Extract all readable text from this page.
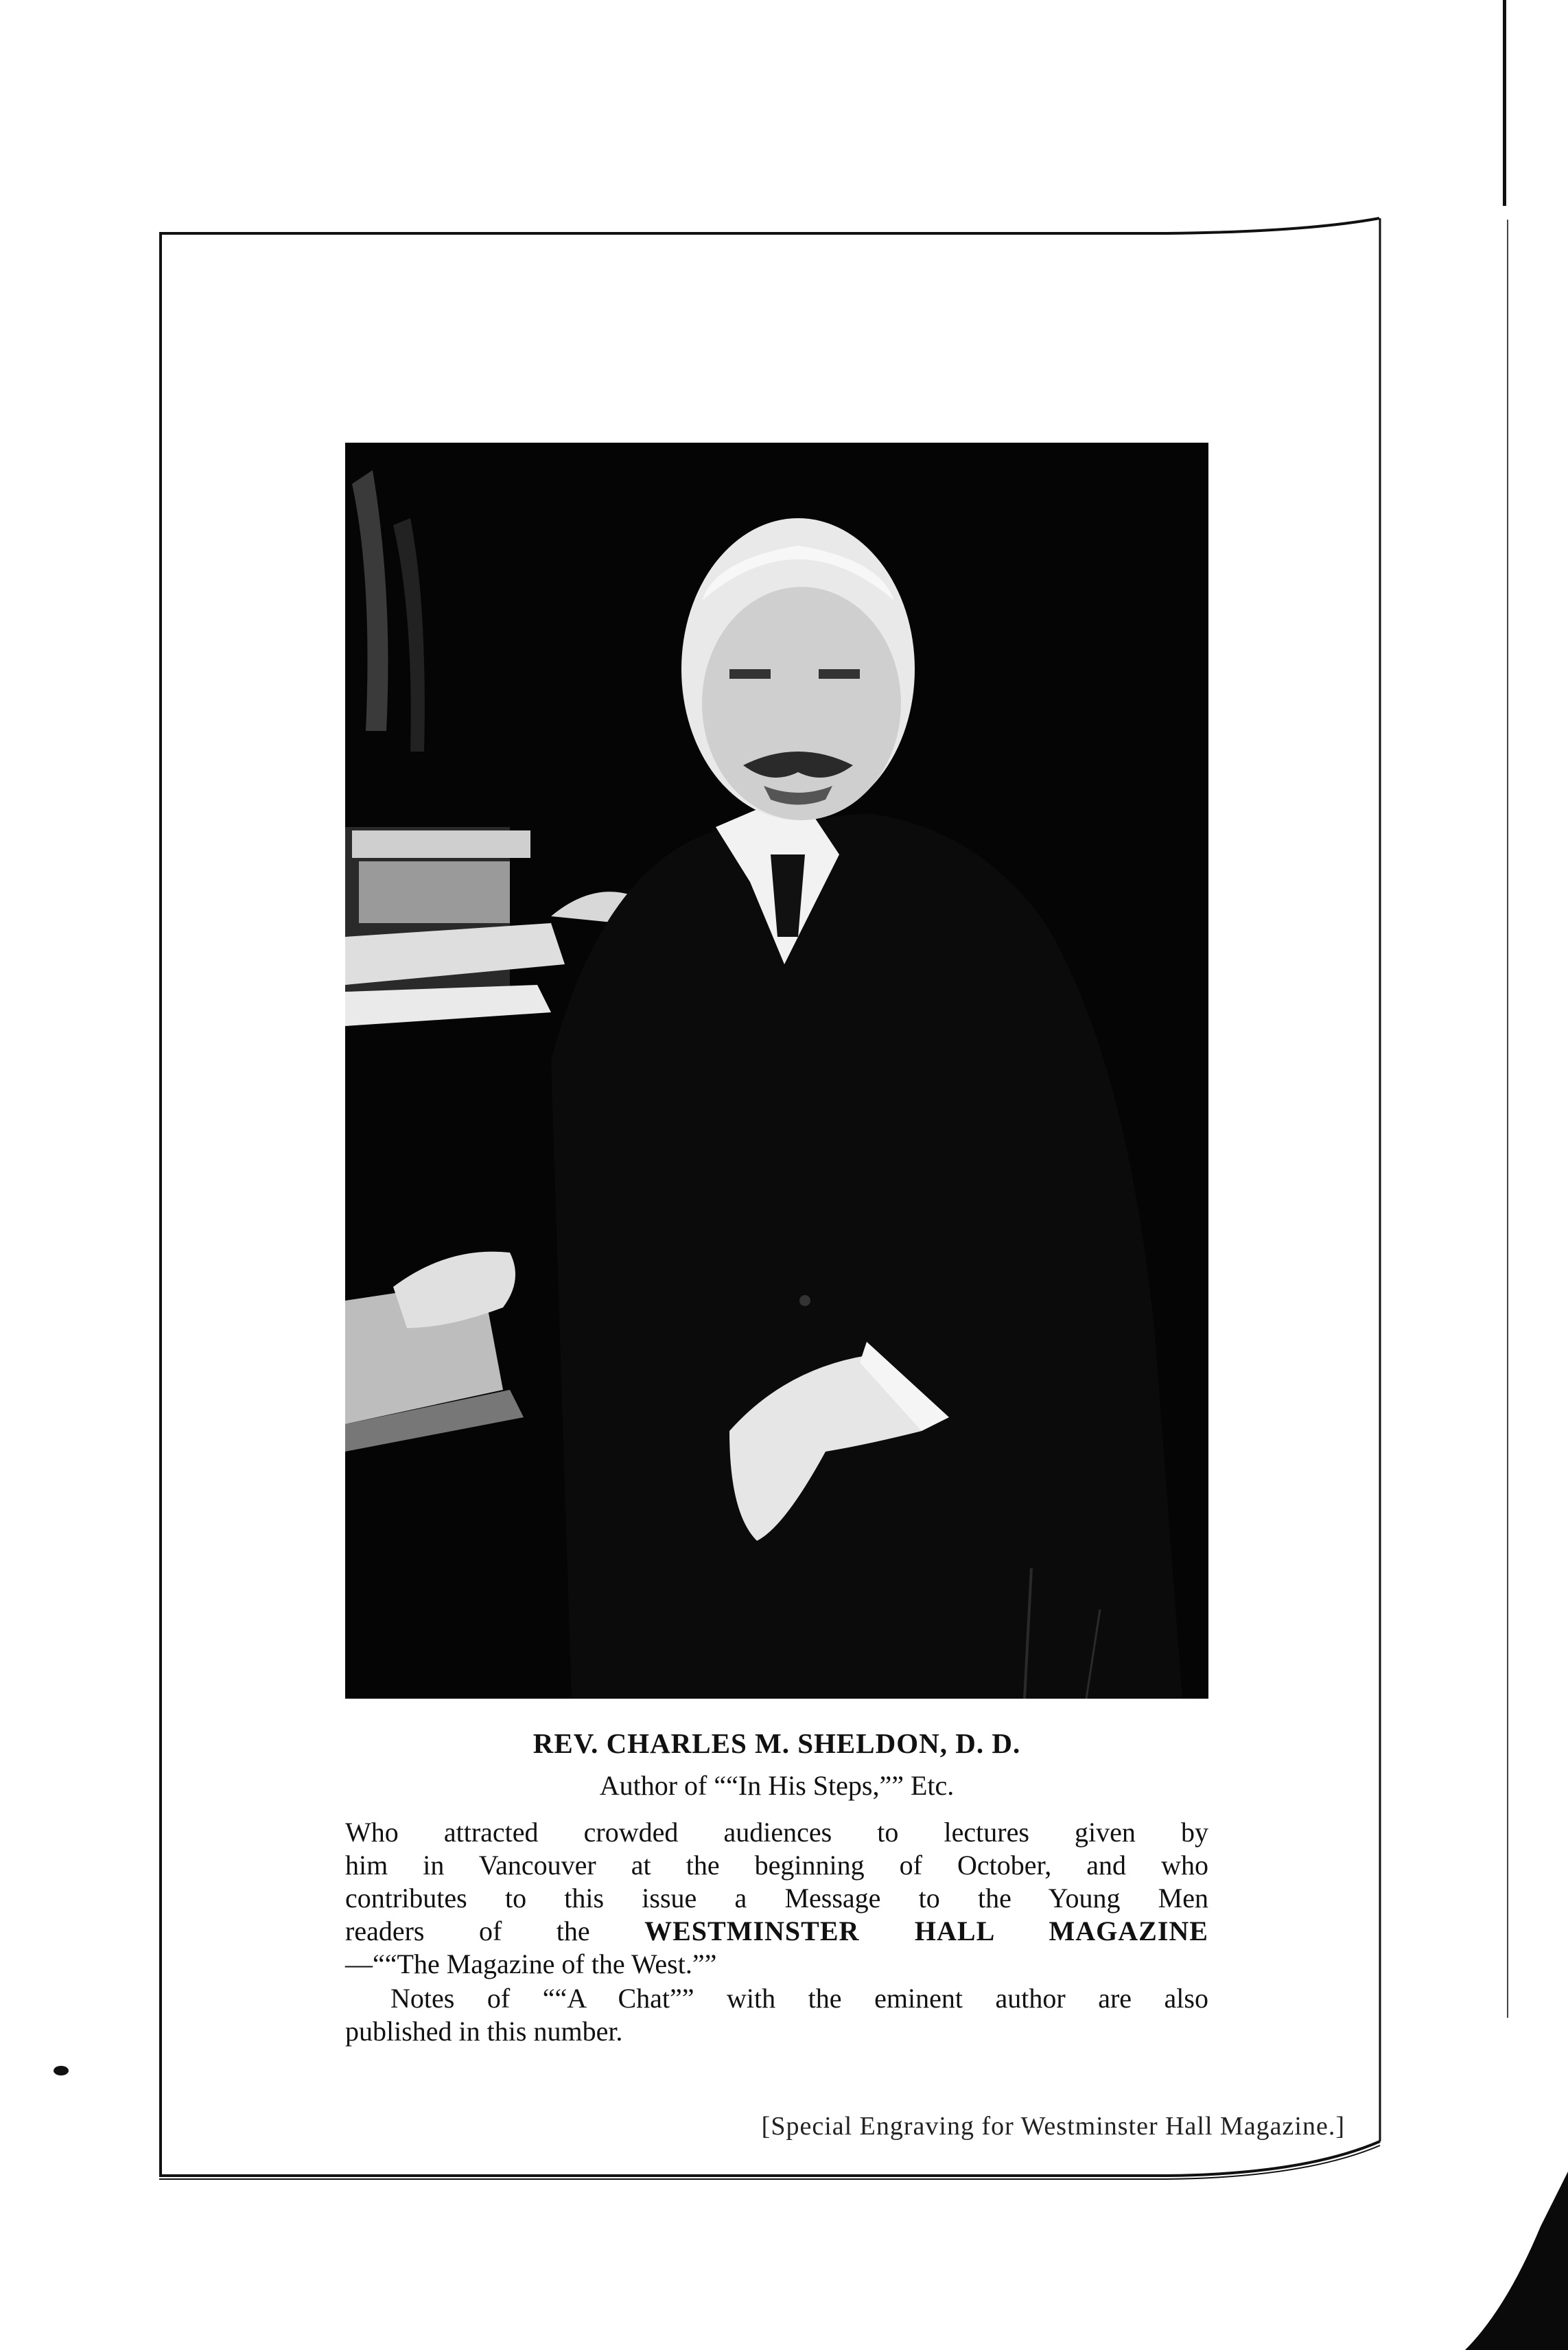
REV. CHARLES M. SHELDON, D. D.
Author of ““In His Steps,”” Etc.
Who attracted crowded audiences to lectures given by
him in Vancouver at the beginning of October, and who
contributes to this issue a Message to the Young Men
readers of the WESTMINSTER HALL MAGAZINE
—““The Magazine of the West.””
Notes of ““A Chat”” with the eminent author are also
published in this number.
[Special Engraving for Westminster Hall Magazine.]
